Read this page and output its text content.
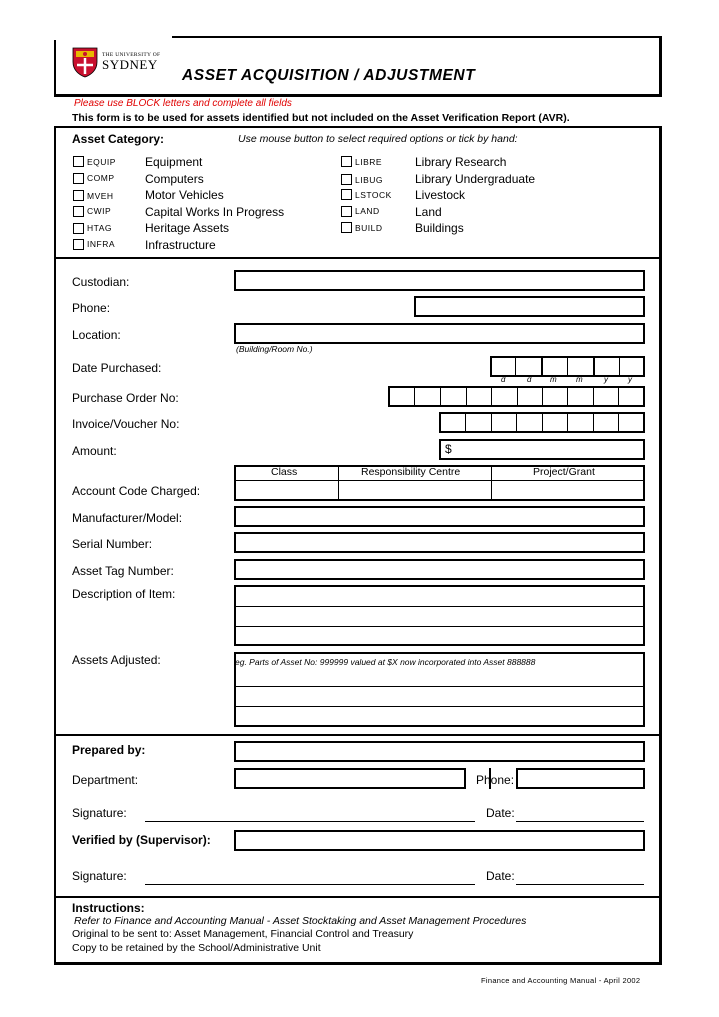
THE UNIVERSITY OF
SYDNEY
ASSET ACQUISITION / ADJUSTMENT
Please use BLOCK letters and complete all fields
This form is to be used for assets identified but not included on the Asset Verification Report (AVR).
Asset Category:	Use mouse button to select required options or tick by hand:
EQUIP Equipment
COMP	Computers
MVEH	Motor Vehicles
CWIP	Capital Works In Progress
HTAG	Heritage Assets
INFRA	Infrastructure
LIBRE	Library Research
LIBUG	Library Undergraduate
LSTOCK Livestock
LAND	Land
BUILD	Buildings
Custodian:
Phone:
Location:
(Building/Room No.)
Date Purchased:
d	d m m	y	y
Purchase Order No:
Invoice/Voucher No:
Amount:	$
Account Code Charged:
Class	Responsibility Centre	Project/Grant
Manufacturer/Model:
Serial Number:
Asset Tag Number:
Description of Item:
Assets Adjusted:	eg. Parts of Asset No: 999999 valued at $X now incorporated into Asset 888888
Prepared by:
Department:	Phone:
Signature:	Date:
Verified by (Supervisor):
Signature:	Date:
Instructions:
Refer to Finance and Accounting Manual - Asset Stocktaking and Asset Management Procedures
Original to be sent to: Asset Management, Financial Control and Treasury
Copy to be retained by the School/Administrative Unit
Finance and Accounting Manual - April 2002
